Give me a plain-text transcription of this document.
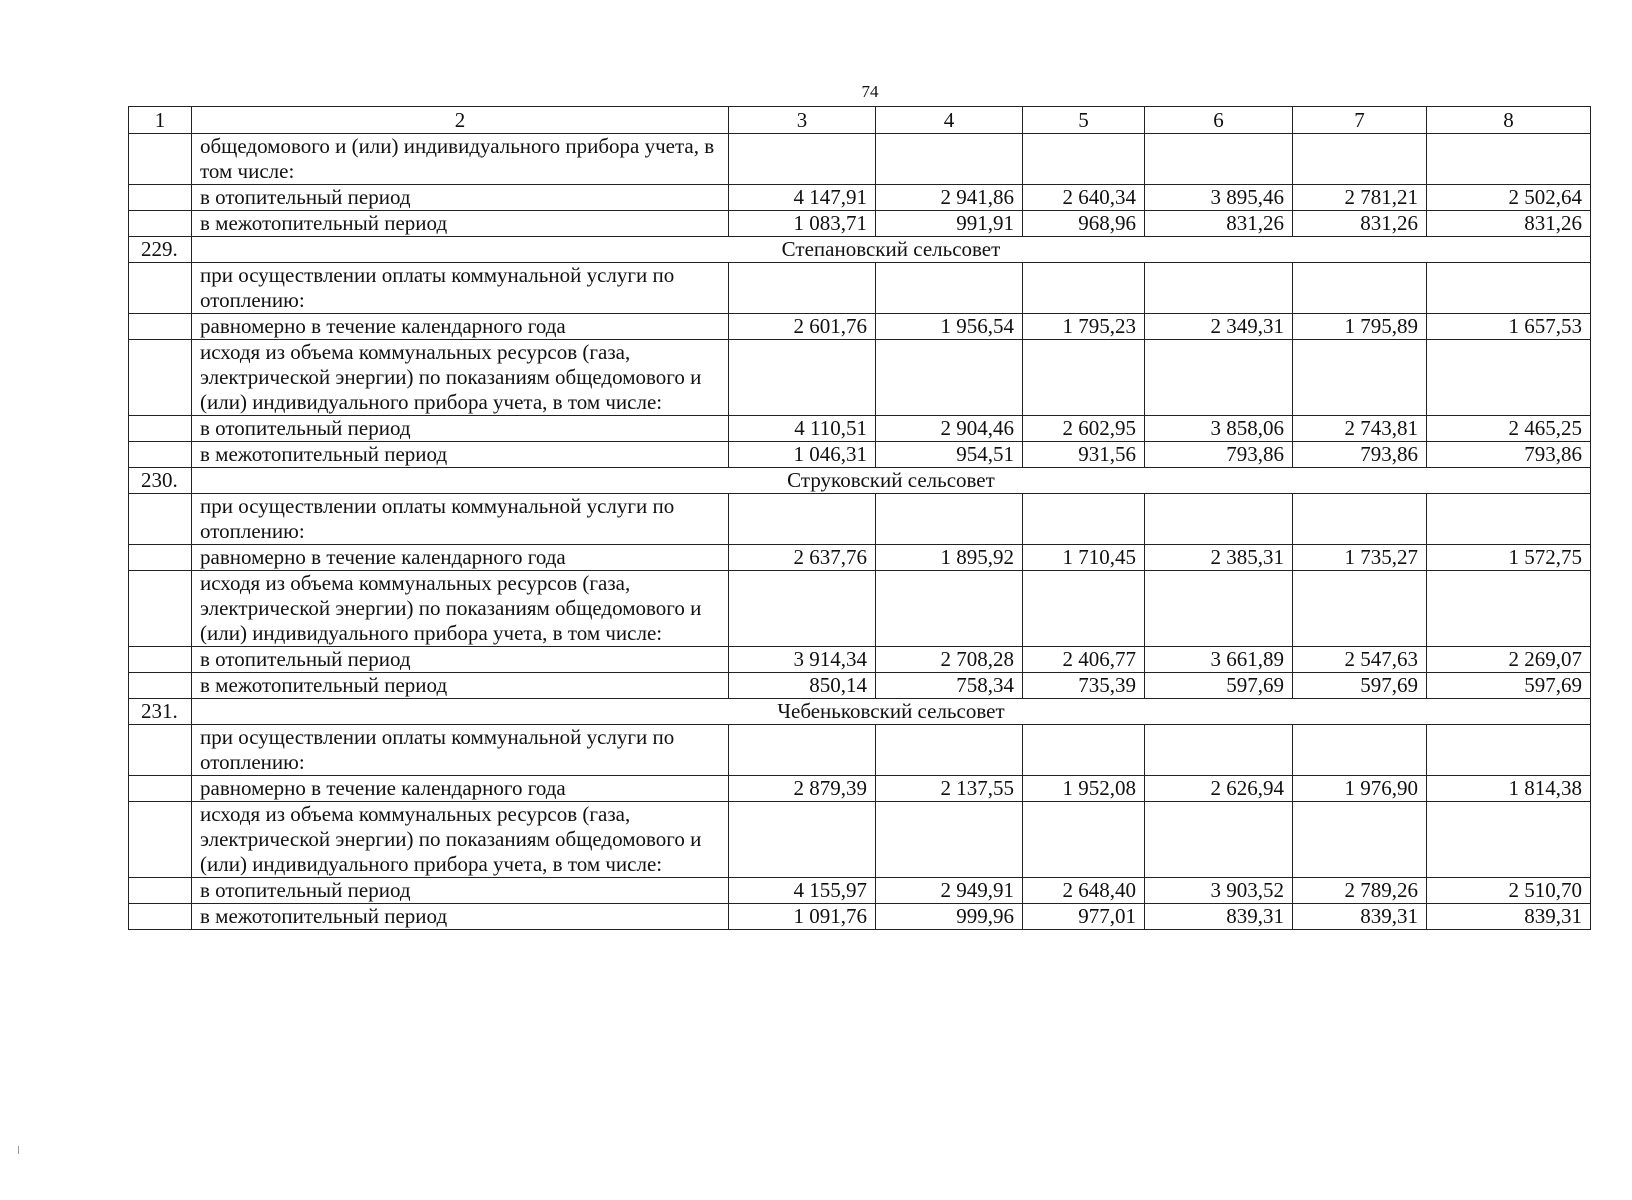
74
1	2	3	4	5	6	7	8
	общедомового и (или) индивидуального прибора учета, в том числе:						
	в отопительный период	4 147,91	2 941,86	2 640,34	3 895,46	2 781,21	2 502,64
	в межотопительный период	1 083,71	991,91	968,96	831,26	831,26	831,26
229.	Степановский сельсовет						
	при осуществлении оплаты коммунальной услуги по отоплению:						
	равномерно в течение календарного года	2 601,76	1 956,54	1 795,23	2 349,31	1 795,89	1 657,53
	исходя из объема коммунальных ресурсов (газа, электрической энергии) по показаниям общедомового и (или) индивидуального прибора учета, в том числе:						
	в отопительный период	4 110,51	2 904,46	2 602,95	3 858,06	2 743,81	2 465,25
	в межотопительный период	1 046,31	954,51	931,56	793,86	793,86	793,86
230.	Струковский сельсовет						
	при осуществлении оплаты коммунальной услуги по отоплению:						
	равномерно в течение календарного года	2 637,76	1 895,92	1 710,45	2 385,31	1 735,27	1 572,75
	исходя из объема коммунальных ресурсов (газа, электрической энергии) по показаниям общедомового и (или) индивидуального прибора учета, в том числе:						
	в отопительный период	3 914,34	2 708,28	2 406,77	3 661,89	2 547,63	2 269,07
	в межотопительный период	850,14	758,34	735,39	597,69	597,69	597,69
231.	Чебеньковский сельсовет						
	при осуществлении оплаты коммунальной услуги по отоплению:						
	равномерно в течение календарного года	2 879,39	2 137,55	1 952,08	2 626,94	1 976,90	1 814,38
	исходя из объема коммунальных ресурсов (газа, электрической энергии) по показаниям общедомового и (или) индивидуального прибора учета, в том числе:						
	в отопительный период	4 155,97	2 949,91	2 648,40	3 903,52	2 789,26	2 510,70
	в межотопительный период	1 091,76	999,96	977,01	839,31	839,31	839,31
